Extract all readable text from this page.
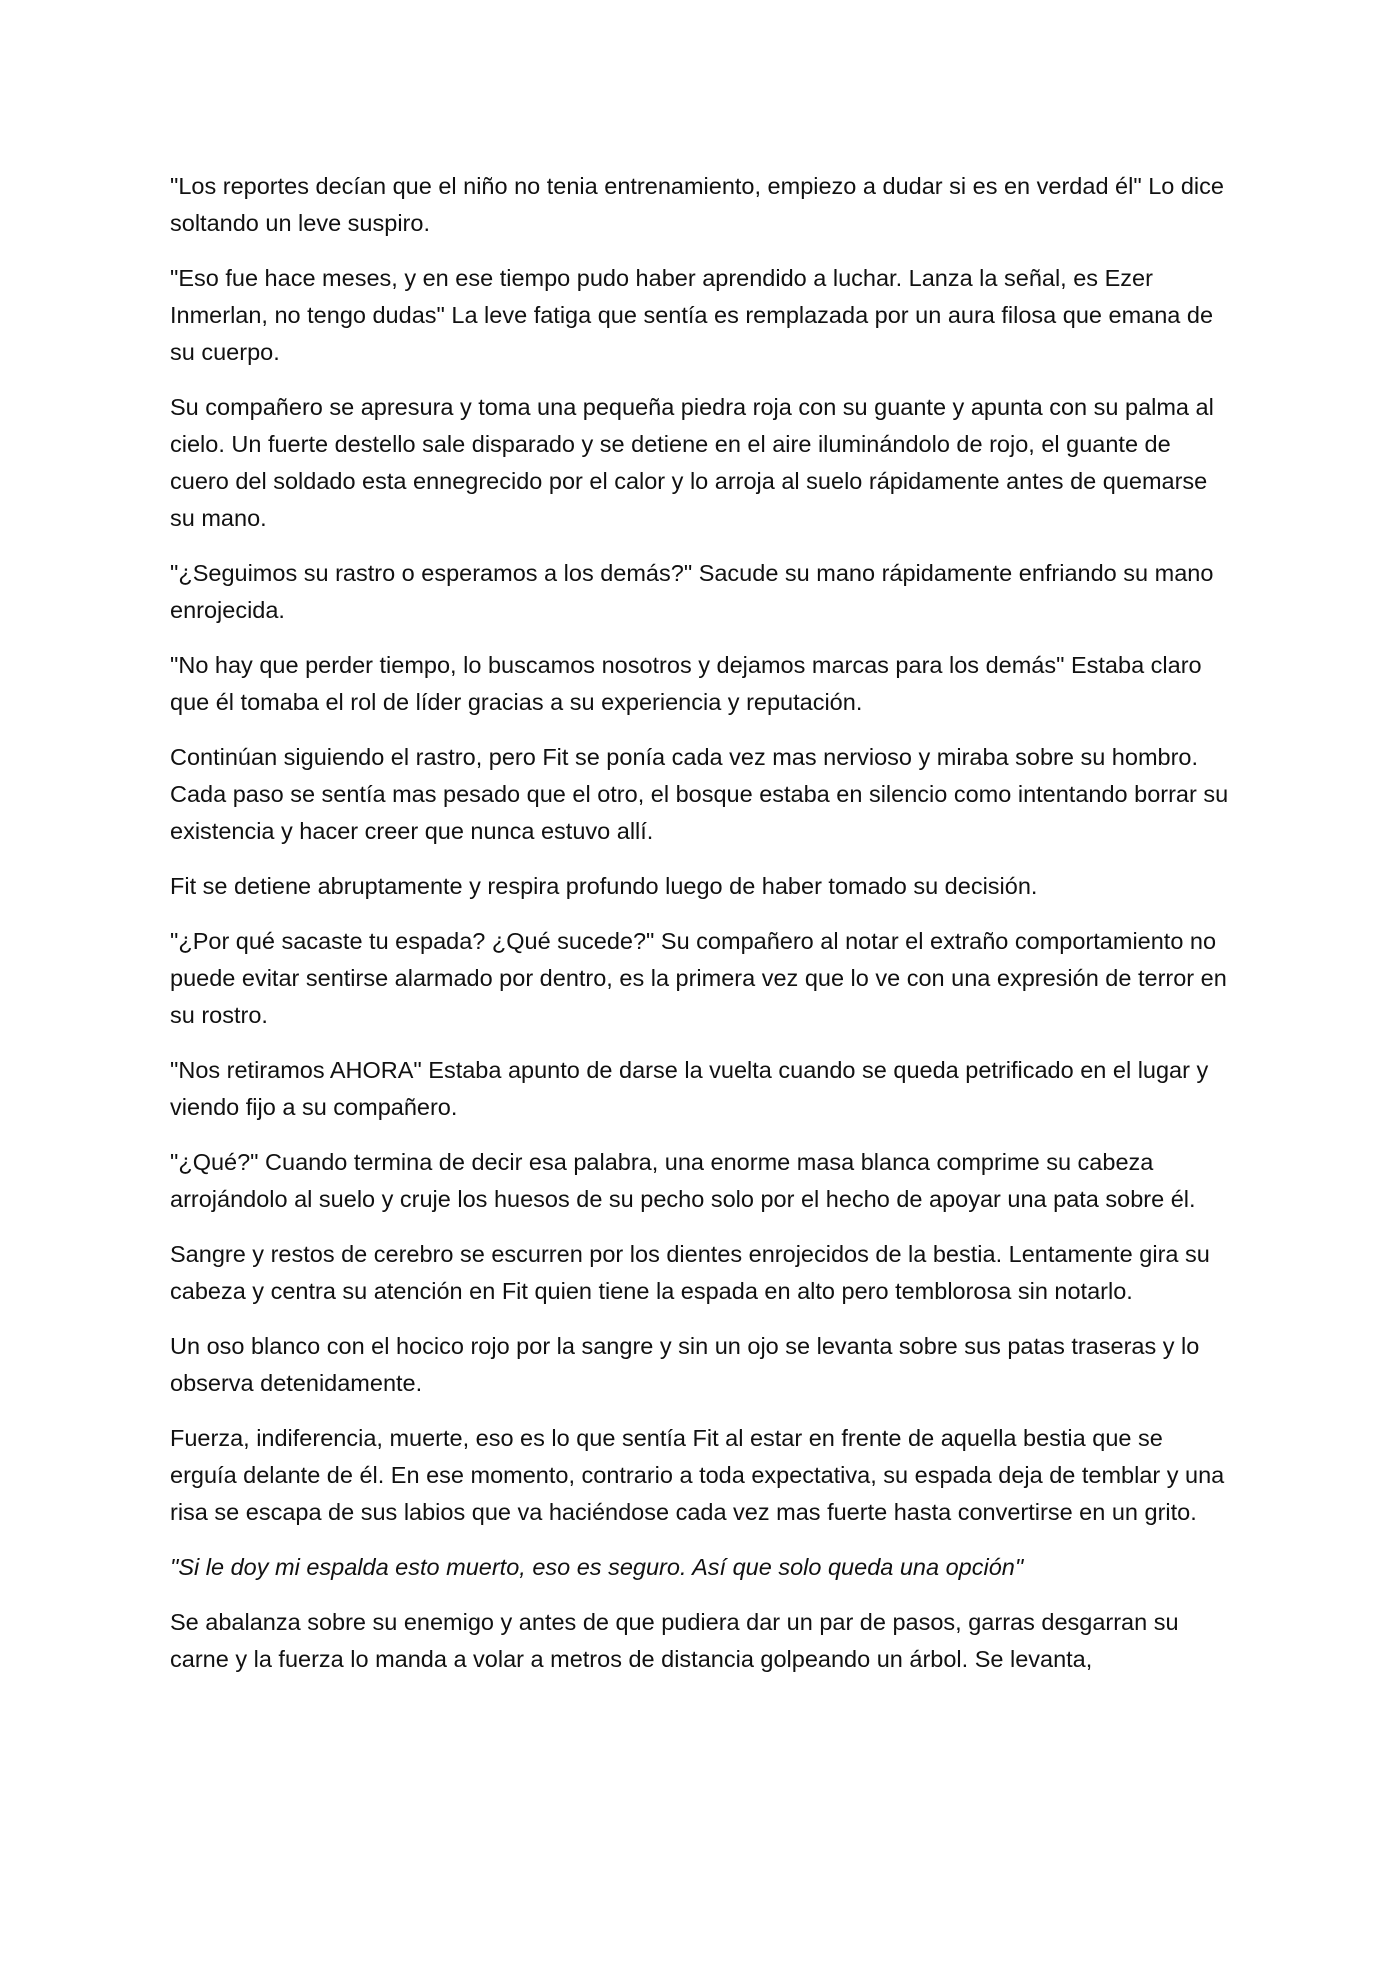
"Los reportes decían que el niño no tenia entrenamiento, empiezo a dudar si es en verdad él" Lo dice soltando un leve suspiro.

"Eso fue hace meses, y en ese tiempo pudo haber aprendido a luchar. Lanza la señal, es Ezer Inmerlan, no tengo dudas" La leve fatiga que sentía es remplazada por un aura filosa que emana de su cuerpo.

Su compañero se apresura y toma una pequeña piedra roja con su guante y apunta con su palma al cielo. Un fuerte destello sale disparado y se detiene en el aire iluminándolo de rojo, el guante de cuero del soldado esta ennegrecido por el calor y lo arroja al suelo rápidamente antes de quemarse su mano.

"¿Seguimos su rastro o esperamos a los demás?" Sacude su mano rápidamente enfriando su mano enrojecida.

"No hay que perder tiempo, lo buscamos nosotros y dejamos marcas para los demás" Estaba claro que él tomaba el rol de líder gracias a su experiencia y reputación.

Continúan siguiendo el rastro, pero Fit se ponía cada vez mas nervioso y miraba sobre su hombro. Cada paso se sentía mas pesado que el otro, el bosque estaba en silencio como intentando borrar su existencia y hacer creer que nunca estuvo allí.

Fit se detiene abruptamente y respira profundo luego de haber tomado su decisión.

"¿Por qué sacaste tu espada? ¿Qué sucede?" Su compañero al notar el extraño comportamiento no puede evitar sentirse alarmado por dentro, es la primera vez que lo ve con una expresión de terror en su rostro.

"Nos retiramos AHORA" Estaba apunto de darse la vuelta cuando se queda petrificado en el lugar y viendo fijo a su compañero.

"¿Qué?" Cuando termina de decir esa palabra, una enorme masa blanca comprime su cabeza arrojándolo al suelo y cruje los huesos de su pecho solo por el hecho de apoyar una pata sobre él.

Sangre y restos de cerebro se escurren por los dientes enrojecidos de la bestia. Lentamente gira su cabeza y centra su atención en Fit quien tiene la espada en alto pero temblorosa sin notarlo.

Un oso blanco con el hocico rojo por la sangre y sin un ojo se levanta sobre sus patas traseras y lo observa detenidamente.

Fuerza, indiferencia, muerte, eso es lo que sentía Fit al estar en frente de aquella bestia que se erguía delante de él. En ese momento, contrario a toda expectativa, su espada deja de temblar y una risa se escapa de sus labios que va haciéndose cada vez mas fuerte hasta convertirse en un grito.

"Si le doy mi espalda esto muerto, eso es seguro. Así que solo queda una opción"

Se abalanza sobre su enemigo y antes de que pudiera dar un par de pasos, garras desgarran su carne y la fuerza lo manda a volar a metros de distancia golpeando un árbol. Se levanta,
